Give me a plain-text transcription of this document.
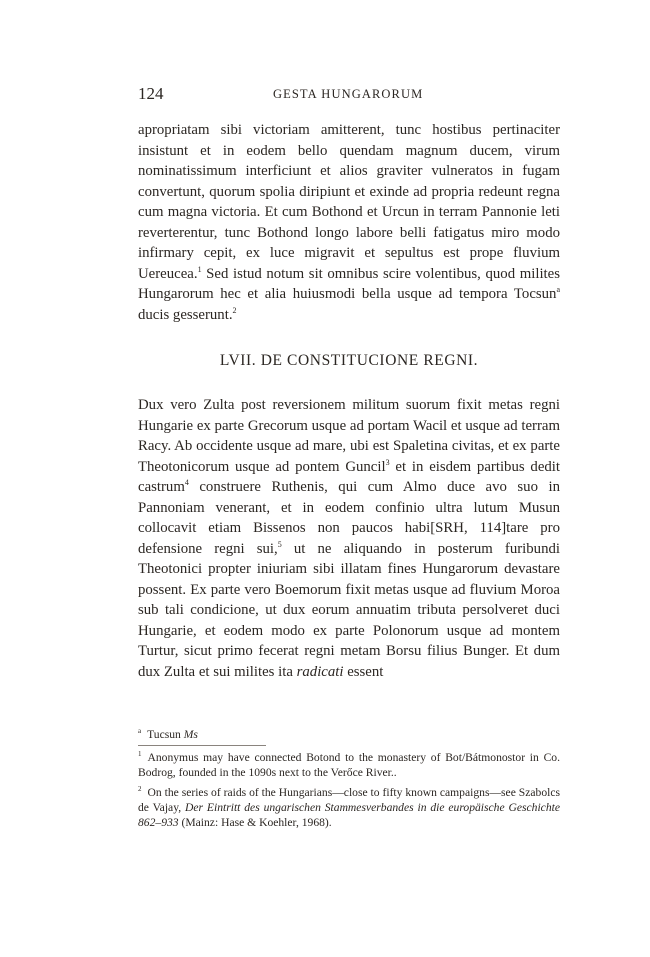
124	GESTA HUNGARORUM

apropriatam sibi victoriam amitterent, tunc hostibus pertinaciter insistunt et in eodem bello quendam magnum ducem, virum nominatissimum interficiunt et alios graviter vulneratos in fugam convertunt, quorum spolia diripiunt et exinde ad propria redeunt regna cum magna victoria. Et cum Bothond et Urcun in terram Pannonie leti reverterentur, tunc Bothond longo labore belli fatigatus miro modo infirmary cepit, ex luce migravit et sepultus est prope fluvium Uereucea.$^1$ Sed istud notum sit omnibus scire volentibus, quod milites Hungarorum hec et alia huiusmodi bella usque ad tempora Tocsun$^a$ ducis gesserunt.$^2$

LVII. DE CONSTITUCIONE REGNI.

Dux vero Zulta post reversionem militum suorum fixit metas regni Hungarie ex parte Grecorum usque ad portam Wacil et usque ad terram Racy. Ab occidente usque ad mare, ubi est Spaletina civitas, et ex parte Theotonicorum usque ad pontem Guncil$^3$ et in eisdem partibus dedit castrum$^4$ construere Ruthenis, qui cum Almo duce avo suo in Pannoniam venerant, et in eodem confinio ultra lutum Musun collocavit etiam Bissenos non paucos habi[SRH, 114]tare pro defensione regni sui,$^5$ ut ne aliquando in posterum furibundi Theotonici propter iniuriam sibi illatam fines Hungarorum devastare possent. Ex parte vero Boemorum fixit metas usque ad fluvium Moroa sub tali condicione, ut dux eorum annuatim tributa persolveret duci Hungarie, et eodem modo ex parte Polonorum usque ad montem Turtur, sicut primo fecerat regni metam Borsu filius Bunger. Et dum dux Zulta et sui milites ita radicati essent

$^a$ Tucsun Ms

$^1$ Anonymus may have connected Botond to the monastery of Bot/Bátmonostor in Co. Bodrog, founded in the 1090s next to the Verőce River..

$^2$ On the series of raids of the Hungarians—close to fifty known campaigns—see Szabolcs de Vajay, Der Eintritt des ungarischen Stammesverbandes in die europäische Geschichte 862–933 (Mainz: Hase & Koehler, 1968).
